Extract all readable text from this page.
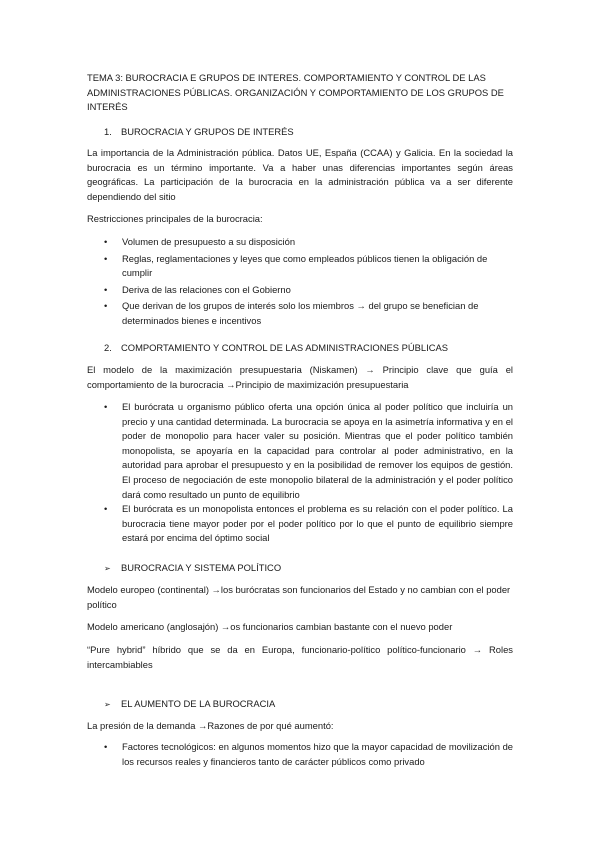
TEMA 3: BUROCRACIA E GRUPOS DE INTERES. COMPORTAMIENTO Y CONTROL DE LAS ADMINISTRACIONES PÚBLICAS. ORGANIZACIÓN Y COMPORTAMIENTO DE LOS GRUPOS DE INTERÉS

1. BUROCRACIA Y GRUPOS DE INTERÉS

La importancia de la Administración pública. Datos UE, España (CCAA) y Galicia. En la sociedad la burocracia es un término importante. Va a haber unas diferencias importantes según áreas geográficas. La participación de la burocracia en la administración pública va a ser diferente dependiendo del sitio

Restricciones principales de la burocracia:

• Volumen de presupuesto a su disposición
• Reglas, reglamentaciones y leyes que como empleados públicos tienen la obligación de cumplir
• Deriva de las relaciones con el Gobierno
• Que derivan de los grupos de interés solo los miembros → del grupo se benefician de determinados bienes e incentivos

2. COMPORTAMIENTO Y CONTROL DE LAS ADMINISTRACIONES PÚBLICAS

El modelo de la maximización presupuestaria (Niskamen) → Principio clave que guía el comportamiento de la burocracia →Principio de maximización presupuestaria

• El burócrata u organismo público oferta una opción única al poder político que incluiría un precio y una cantidad determinada. La burocracia se apoya en la asimetría informativa y en el poder de monopolio para hacer valer su posición. Mientras que el poder político también monopolista, se apoyaría en la capacidad para controlar al poder administrativo, en la autoridad para aprobar el presupuesto y en la posibilidad de remover los equipos de gestión. El proceso de negociación de este monopolio bilateral de la administración y el poder político dará como resultado un punto de equilibrio
• El burócrata es un monopolista entonces el problema es su relación con el poder político. La burocracia tiene mayor poder por el poder político por lo que el punto de equilibrio siempre estará por encima del óptimo social

➢ BUROCRACIA Y SISTEMA POLÍTICO

Modelo europeo (continental) →los burócratas son funcionarios del Estado y no cambian con el poder político

Modelo americano (anglosajón) →os funcionarios cambian bastante con el nuevo poder

“Pure hybrid” híbrido que se da en Europa, funcionario-político político-funcionario → Roles intercambiables

➢ EL AUMENTO DE LA BUROCRACIA

La presión de la demanda →Razones de por qué aumentó:

• Factores tecnológicos: en algunos momentos hizo que la mayor capacidad de movilización de los recursos reales y financieros tanto de carácter públicos como privado
